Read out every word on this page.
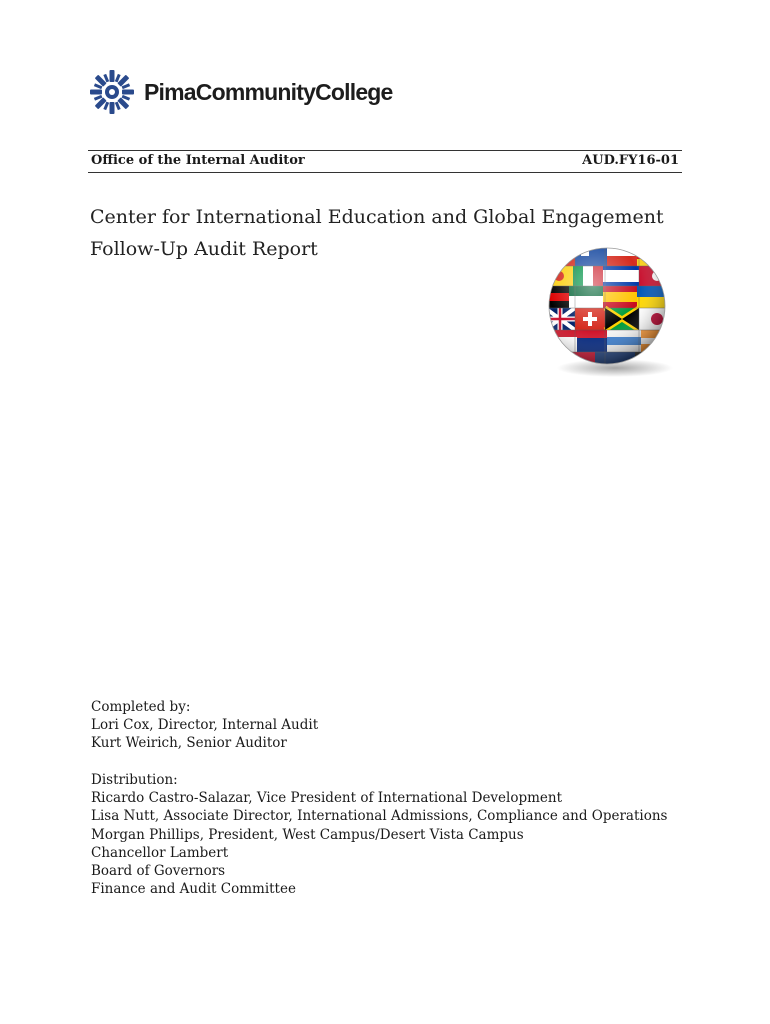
PimaCommunityCollege
Office of the Internal Auditor	AUD.FY16-01
Center for International Education and Global Engagement
Follow-Up Audit Report
Completed by:
Lori Cox, Director, Internal Audit
Kurt Weirich, Senior Auditor
Distribution:
Ricardo Castro-Salazar, Vice President of International Development
Lisa Nutt, Associate Director, International Admissions, Compliance and Operations
Morgan Phillips, President, West Campus/Desert Vista Campus
Chancellor Lambert
Board of Governors
Finance and Audit Committee
